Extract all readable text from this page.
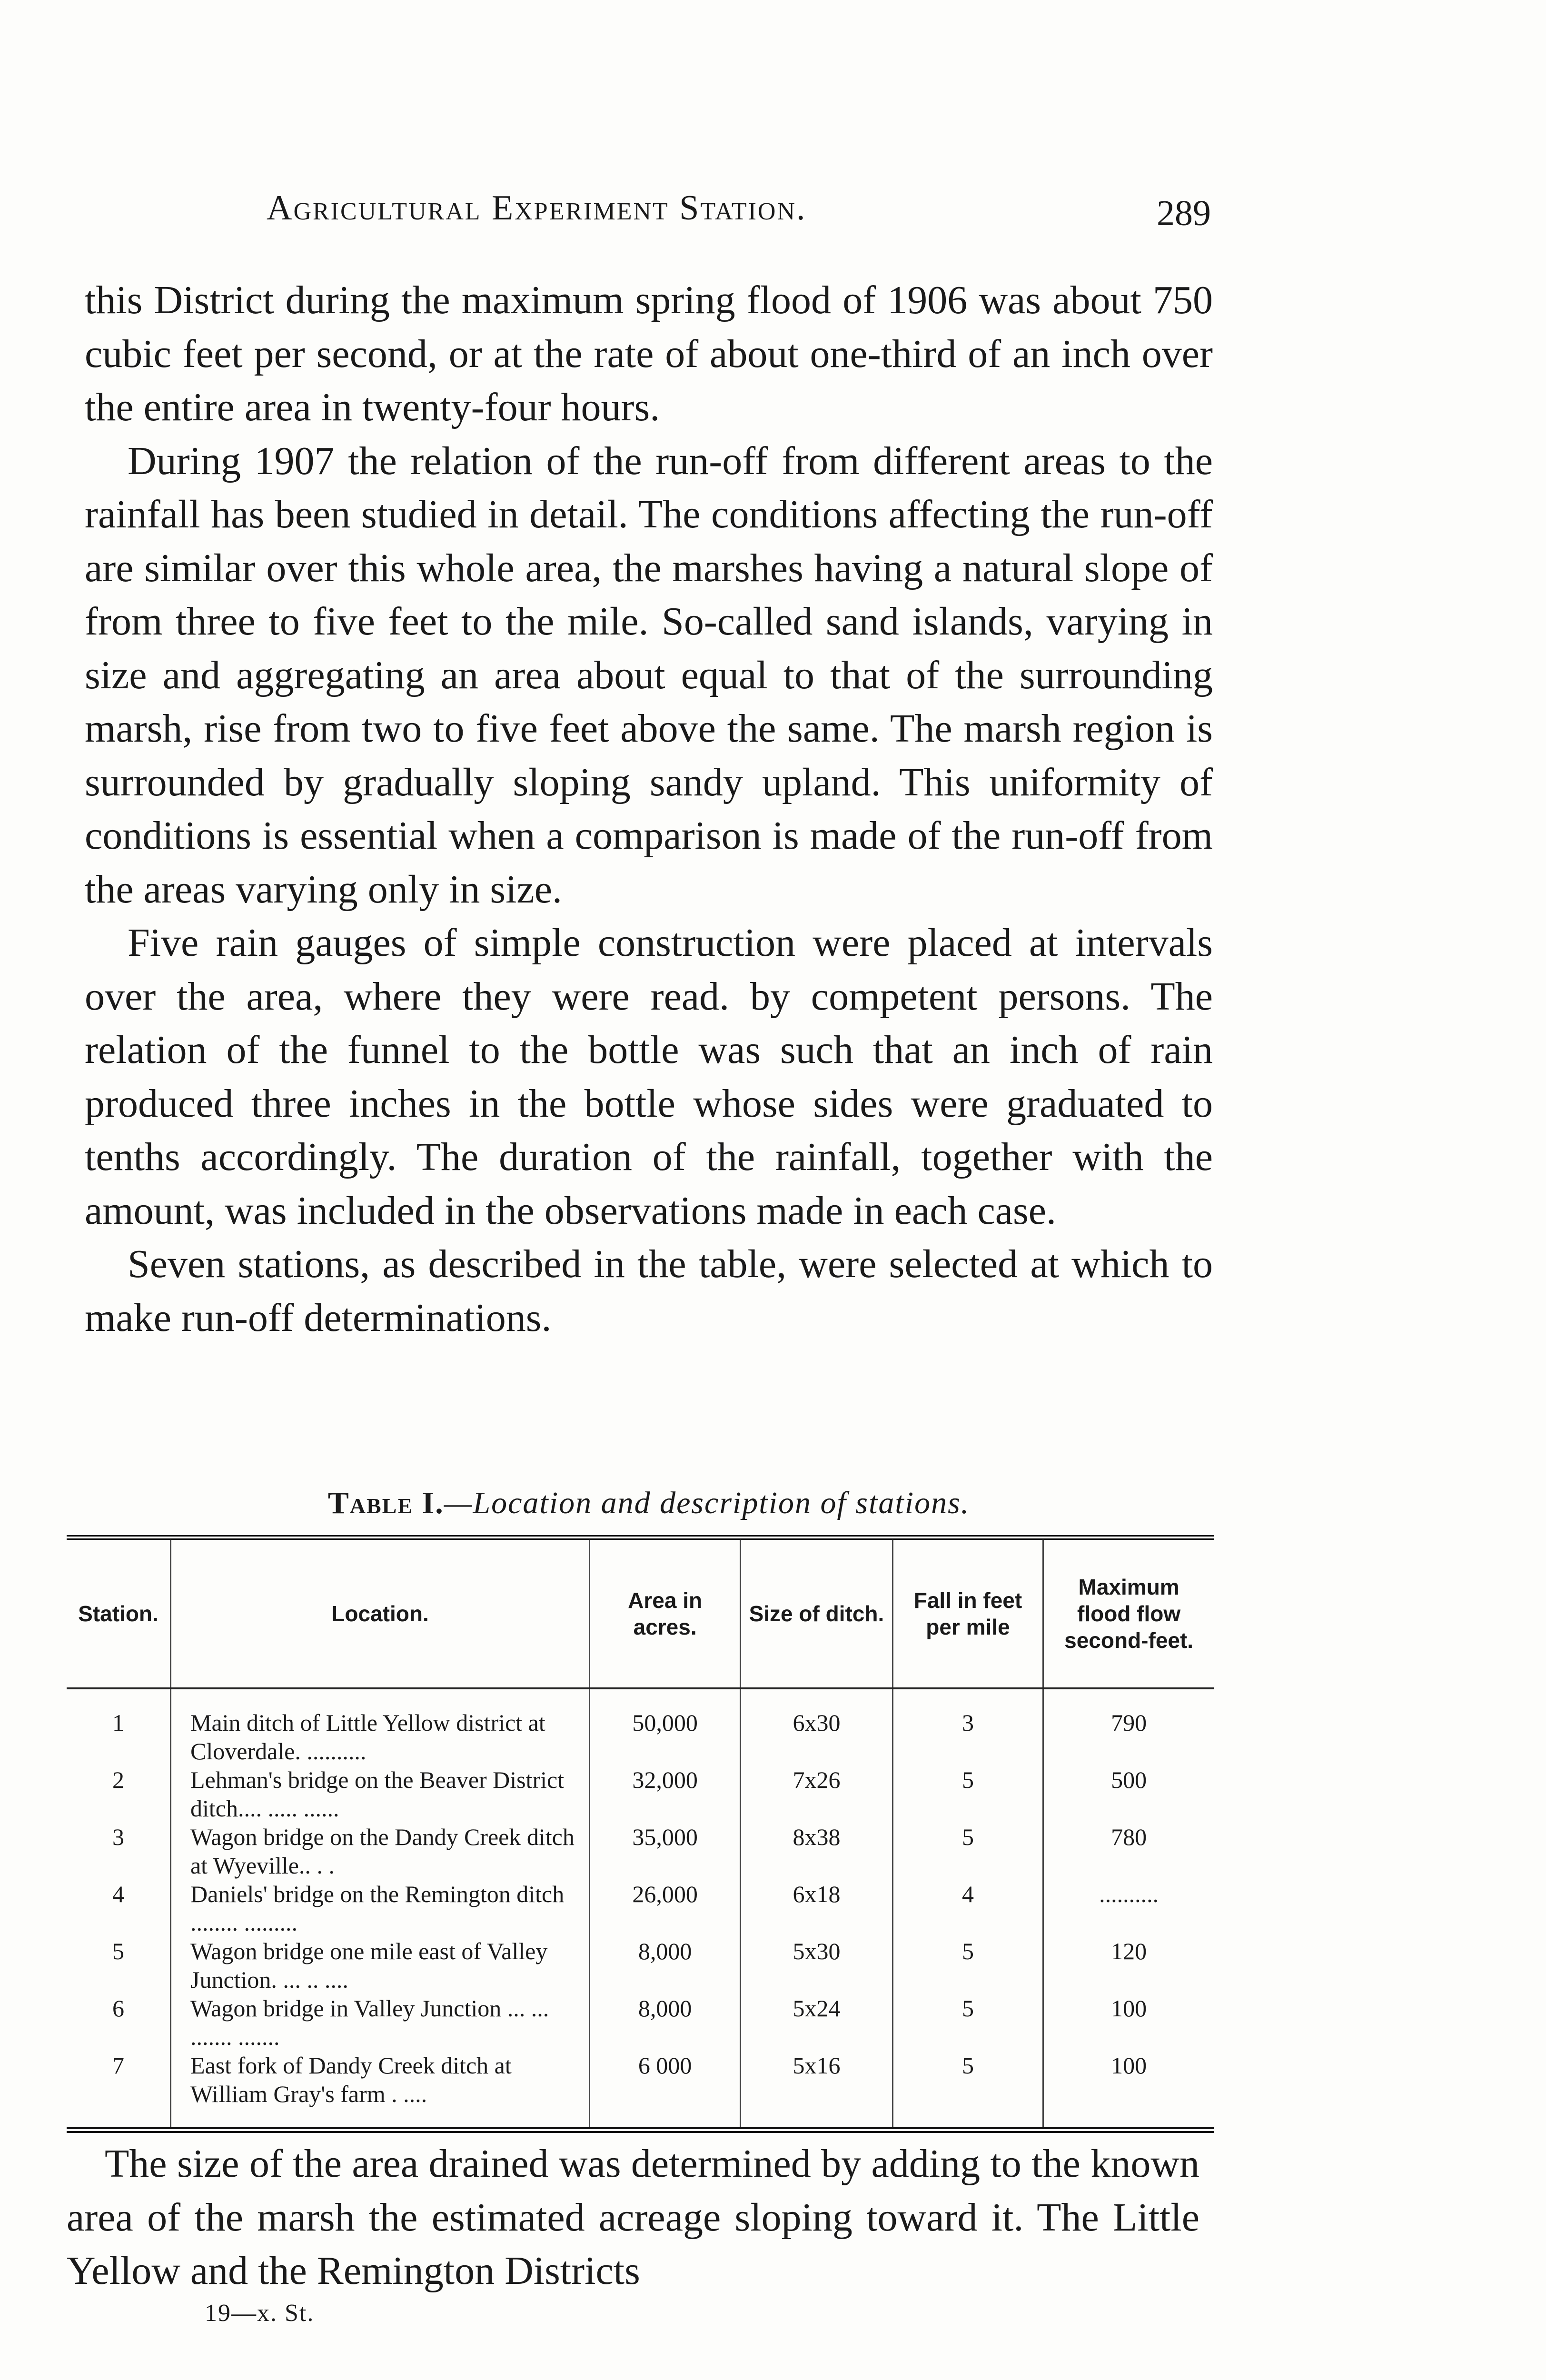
Agricultural Experiment Station.	289

this District during the maximum spring flood of 1906 was about 750 cubic feet per second, or at the rate of about one-third of an inch over the entire area in twenty-four hours.

During 1907 the relation of the run-off from different areas to the rainfall has been studied in detail. The conditions affecting the run-off are similar over this whole area, the marshes having a natural slope of from three to five feet to the mile. So-called sand islands, varying in size and aggregating an area about equal to that of the surrounding marsh, rise from two to five feet above the same. The marsh region is surrounded by gradually sloping sandy upland. This uniformity of conditions is essential when a comparison is made of the run-off from the areas varying only in size.

Five rain gauges of simple construction were placed at intervals over the area, where they were read. by competent persons. The relation of the funnel to the bottle was such that an inch of rain produced three inches in the bottle whose sides were graduated to tenths accordingly. The duration of the rainfall, together with the amount, was included in the observations made in each case.

Seven stations, as described in the table, were selected at which to make run-off determinations.

Table I.—Location and description of stations.
Station.	Location.	Area in acres.	Size of ditch.	Fall in feet per mile	Maximum flood flow second-feet.
1	Main ditch of Little Yellow district at Cloverdale. ..........	50,000	6x30	3	790
2	Lehman's bridge on the Beaver District ditch.... ..... ......	32,000	7x26	5	500
3	Wagon bridge on the Dandy Creek ditch at Wyeville.. . .	35,000	8x38	5	780
4	Daniels' bridge on the Remington ditch ........ .........	26,000	6x18	4	..........
5	Wagon bridge one mile east of Valley Junction. ... .. ....	8,000	5x30	5	120
6	Wagon bridge in Valley Junction ... ... ....... .......	8,000	5x24	5	100
7	East fork of Dandy Creek ditch at William Gray's farm . ....	6 000	5x16	5	100

The size of the area drained was determined by adding to the known area of the marsh the estimated acreage sloping toward it. The Little Yellow and the Remington Districts

19—x. St.
